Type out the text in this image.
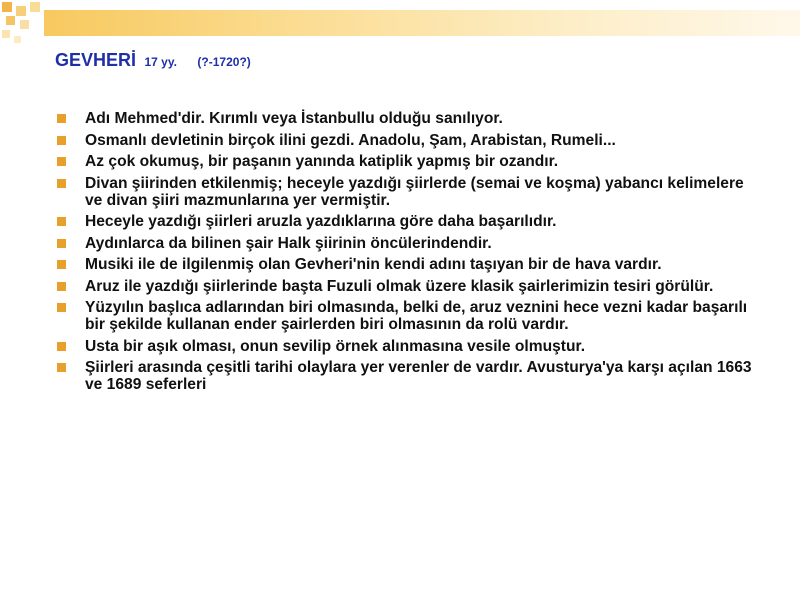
GEVHERİ 17 yy. (?-1720?)
Adı Mehmed'dir. Kırımlı veya İstanbullu olduğu sanılıyor.
Osmanlı devletinin birçok ilini gezdi. Anadolu, Şam, Arabistan, Rumeli...
Az çok okumuş, bir paşanın yanında katiplik yapmış bir ozandır.
Divan şiirinden etkilenmiş; heceyle yazdığı şiirlerde (semai ve koşma) yabancı kelimelere ve divan şiiri mazmunlarına yer vermiştir.
Heceyle yazdığı şiirleri aruzla yazdıklarına göre daha başarılıdır.
Aydınlarca da bilinen şair Halk şiirinin öncülerindendir.
Musiki ile de ilgilenmiş olan Gevheri'nin kendi adını taşıyan bir de hava vardır.
Aruz ile yazdığı şiirlerinde başta Fuzuli olmak üzere klasik şairlerimizin tesiri görülür.
Yüzyılın başlıca adlarından biri olmasında, belki de, aruz veznini hece vezni kadar başarılı bir şekilde kullanan ender şairlerden biri olmasının da rolü vardır.
Usta bir aşık olması, onun sevilip örnek alınmasına vesile olmuştur.
Şiirleri arasında çeşitli tarihi olaylara yer verenler de vardır. Avusturya'ya karşı açılan 1663 ve 1689 seferleri
